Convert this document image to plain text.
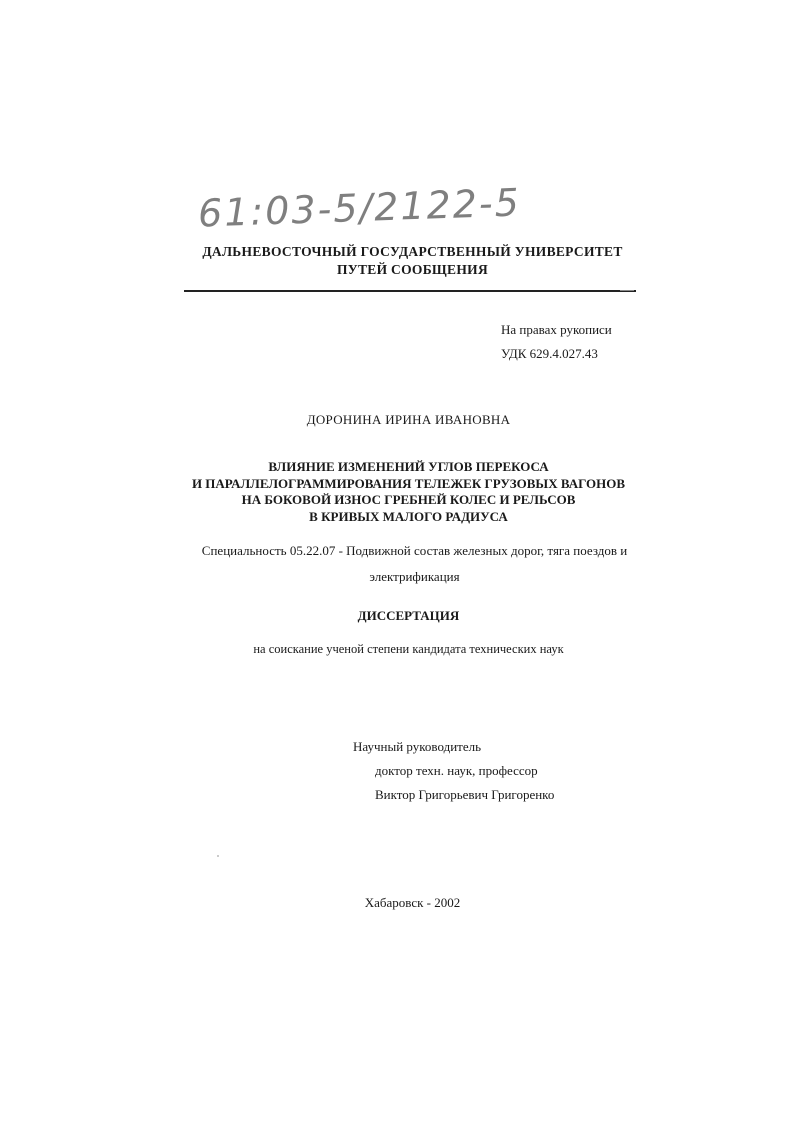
61:03-5/2122-5
ДАЛЬНЕВОСТОЧНЫЙ ГОСУДАРСТВЕННЫЙ УНИВЕРСИТЕТ
ПУТЕЙ СООБЩЕНИЯ
На правах рукописи
УДК 629.4.027.43
ДОРОНИНА ИРИНА ИВАНОВНА
ВЛИЯНИЕ ИЗМЕНЕНИЙ УГЛОВ ПЕРЕКОСА
И ПАРАЛЛЕЛОГРАММИРОВАНИЯ ТЕЛЕЖЕК ГРУЗОВЫХ ВАГОНОВ
НА БОКОВОЙ ИЗНОС ГРЕБНЕЙ КОЛЕС И РЕЛЬСОВ
В КРИВЫХ МАЛОГО РАДИУСА
Специальность 05.22.07 - Подвижной состав железных дорог, тяга поездов и
электрификация
ДИССЕРТАЦИЯ
на соискание ученой степени кандидата технических наук
Научный руководитель
доктор техн. наук, профессор
Виктор Григорьевич Григоренко
Хабаровск - 2002
